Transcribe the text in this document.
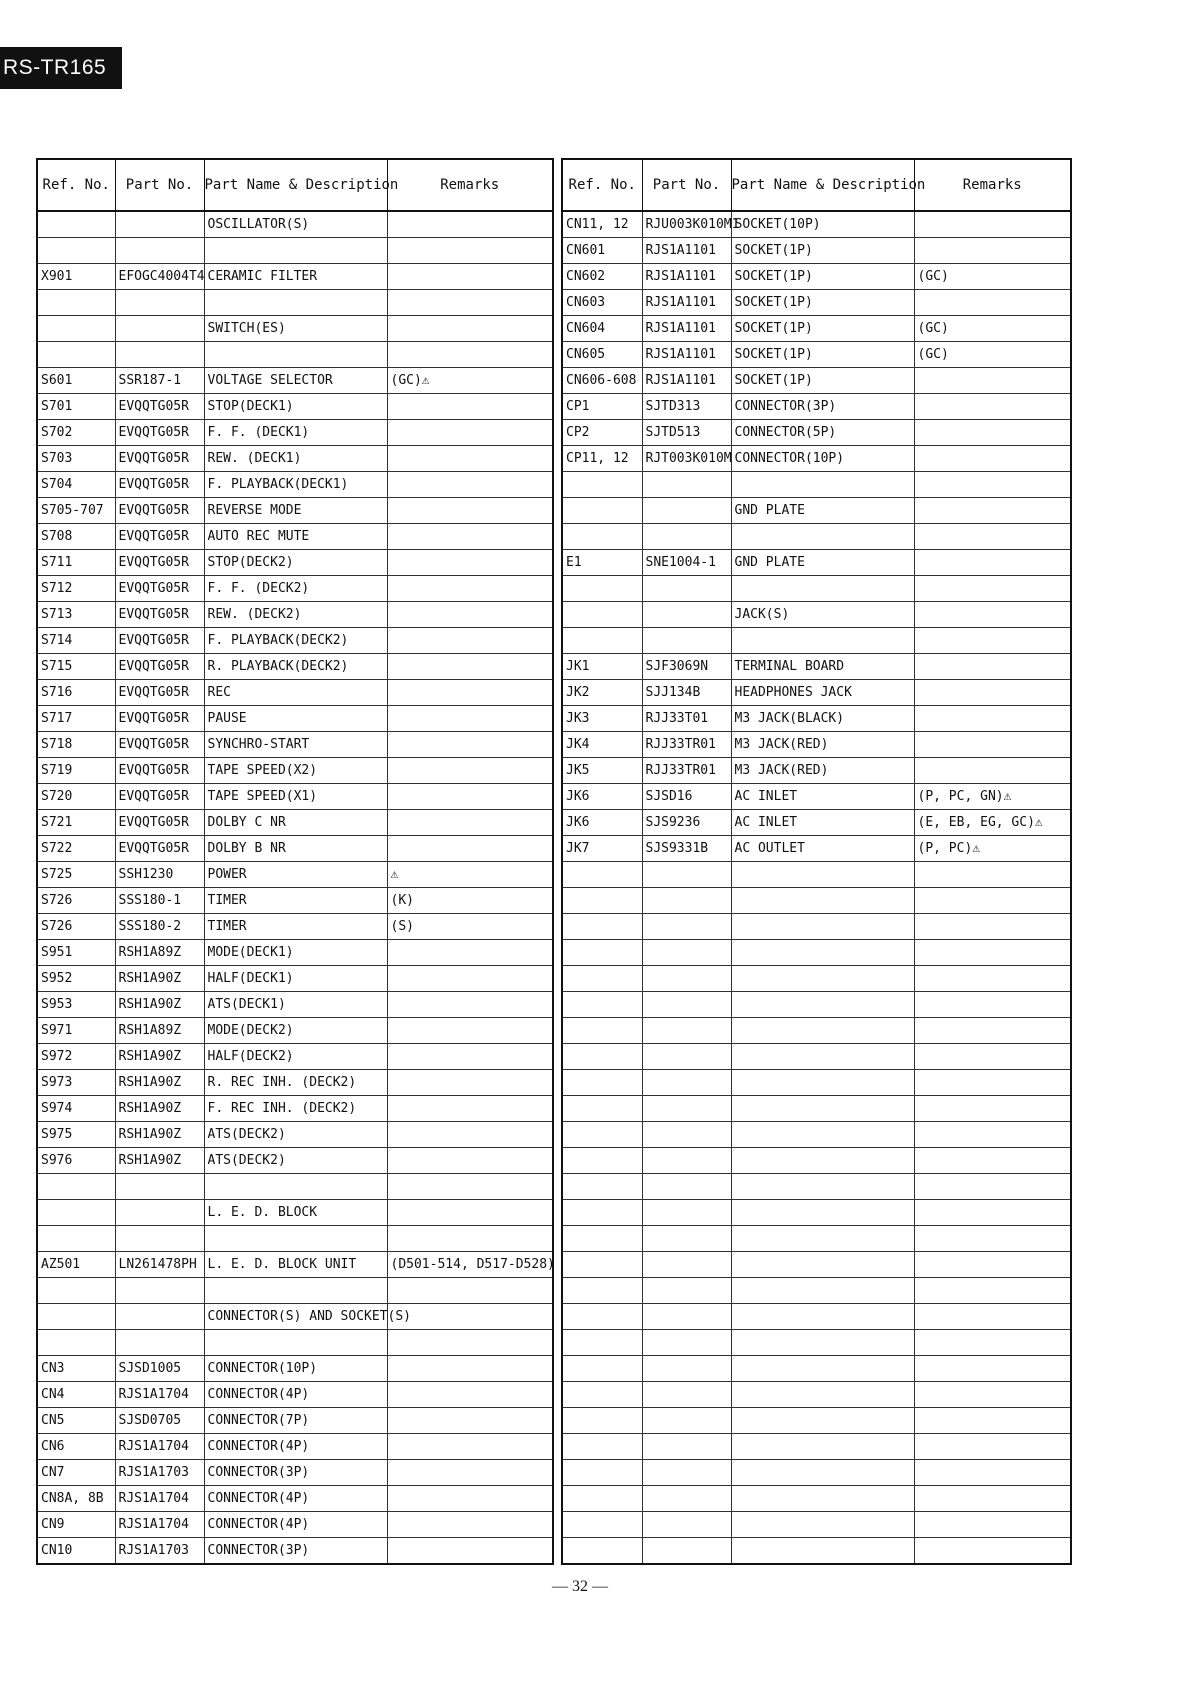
RS-TR165
Ref. No.	Part No.	Part Name & Description	Remarks
		OSCILLATOR(S)	

X901	EFOGC4004T4	CERAMIC FILTER	

		SWITCH(ES)	

S601	SSR187-1	VOLTAGE SELECTOR	(GC)⚠
S701	EVQQTG05R	STOP(DECK1)	
S702	EVQQTG05R	F. F. (DECK1)	
S703	EVQQTG05R	REW. (DECK1)	
S704	EVQQTG05R	F. PLAYBACK(DECK1)	
S705-707	EVQQTG05R	REVERSE MODE	
S708	EVQQTG05R	AUTO REC MUTE	
S711	EVQQTG05R	STOP(DECK2)	
S712	EVQQTG05R	F. F. (DECK2)	
S713	EVQQTG05R	REW. (DECK2)	
S714	EVQQTG05R	F. PLAYBACK(DECK2)	
S715	EVQQTG05R	R. PLAYBACK(DECK2)	
S716	EVQQTG05R	REC	
S717	EVQQTG05R	PAUSE	
S718	EVQQTG05R	SYNCHRO-START	
S719	EVQQTG05R	TAPE SPEED(X2)	
S720	EVQQTG05R	TAPE SPEED(X1)	
S721	EVQQTG05R	DOLBY C NR	
S722	EVQQTG05R	DOLBY B NR	
S725	SSH1230	POWER	⚠
S726	SSS180-1	TIMER	(K)
S726	SSS180-2	TIMER	(S)
S951	RSH1A89Z	MODE(DECK1)	
S952	RSH1A90Z	HALF(DECK1)	
S953	RSH1A90Z	ATS(DECK1)	
S971	RSH1A89Z	MODE(DECK2)	
S972	RSH1A90Z	HALF(DECK2)	
S973	RSH1A90Z	R. REC INH. (DECK2)	
S974	RSH1A90Z	F. REC INH. (DECK2)	
S975	RSH1A90Z	ATS(DECK2)	
S976	RSH1A90Z	ATS(DECK2)	

		L. E. D. BLOCK	

AZ501	LN261478PH	L. E. D. BLOCK UNIT	(D501-514, D517-D528)

		CONNECTOR(S) AND SOCKET(S)	

CN3	SJSD1005	CONNECTOR(10P)	
CN4	RJS1A1704	CONNECTOR(4P)	
CN5	SJSD0705	CONNECTOR(7P)	
CN6	RJS1A1704	CONNECTOR(4P)	
CN7	RJS1A1703	CONNECTOR(3P)	
CN8A, 8B	RJS1A1704	CONNECTOR(4P)	
CN9	RJS1A1704	CONNECTOR(4P)	
CN10	RJS1A1703	CONNECTOR(3P)	
Ref. No.	Part No.	Part Name & Description	Remarks
CN11, 12	RJU003K010M1	SOCKET(10P)	
CN601	RJS1A1101	SOCKET(1P)	
CN602	RJS1A1101	SOCKET(1P)	(GC)
CN603	RJS1A1101	SOCKET(1P)	
CN604	RJS1A1101	SOCKET(1P)	(GC)
CN605	RJS1A1101	SOCKET(1P)	(GC)
CN606-608	RJS1A1101	SOCKET(1P)	
CP1	SJTD313	CONNECTOR(3P)	
CP2	SJTD513	CONNECTOR(5P)	
CP11, 12	RJT003K010M	CONNECTOR(10P)	

		GND PLATE	

E1	SNE1004-1	GND PLATE	

		JACK(S)	

JK1	SJF3069N	TERMINAL BOARD	
JK2	SJJ134B	HEADPHONES JACK	
JK3	RJJ33T01	M3 JACK(BLACK)	
JK4	RJJ33TR01	M3 JACK(RED)	
JK5	RJJ33TR01	M3 JACK(RED)	
JK6	SJSD16	AC INLET	(P, PC, GN)⚠
JK6	SJS9236	AC INLET	(E, EB, EG, GC)⚠
JK7	SJS9331B	AC OUTLET	(P, PC)⚠

— 32 —
